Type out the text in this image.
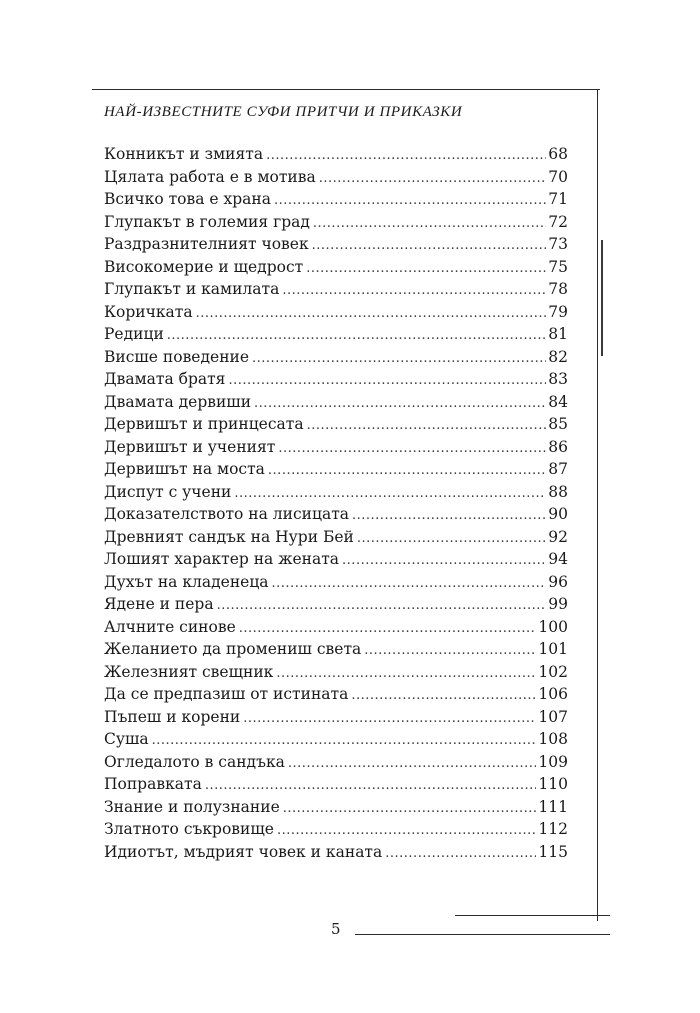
НАЙ-ИЗВЕСТНИТЕ СУФИ ПРИТЧИ И ПРИКАЗКИ
Конникът и змията .....	68
Цялата работа е в мотива .....	70
Всичко това е храна .....	71
Глупакът в големия град .....	72
Раздразнителният човек .....	73
Високомерие и щедрост .....	75
Глупакът и камилата .....	78
Коричката .....	79
Редици .....	81
Висше поведение .....	82
Двамата братя .....	83
Двамата дервиши .....	84
Дервишът и принцесата .....	85
Дервишът и ученият .....	86
Дервишът на моста .....	87
Диспут с учени .....	88
Доказателството на лисицата .....	90
Древният сандък на Нури Бей .....	92
Лошият характер на жената .....	94
Духът на кладенеца .....	96
Ядене и пера .....	99
Алчните синове .....	100
Желанието да промениш света .....	101
Железният свещник .....	102
Да се предпазиш от истината .....	106
Пъпеш и корени .....	107
Суша .....	108
Огледалото в сандъка .....	109
Поправката .....	110
Знание и полузнание .....	111
Златното съкровище .....	112
Идиотът, мъдрият човек и каната .....	115
5
